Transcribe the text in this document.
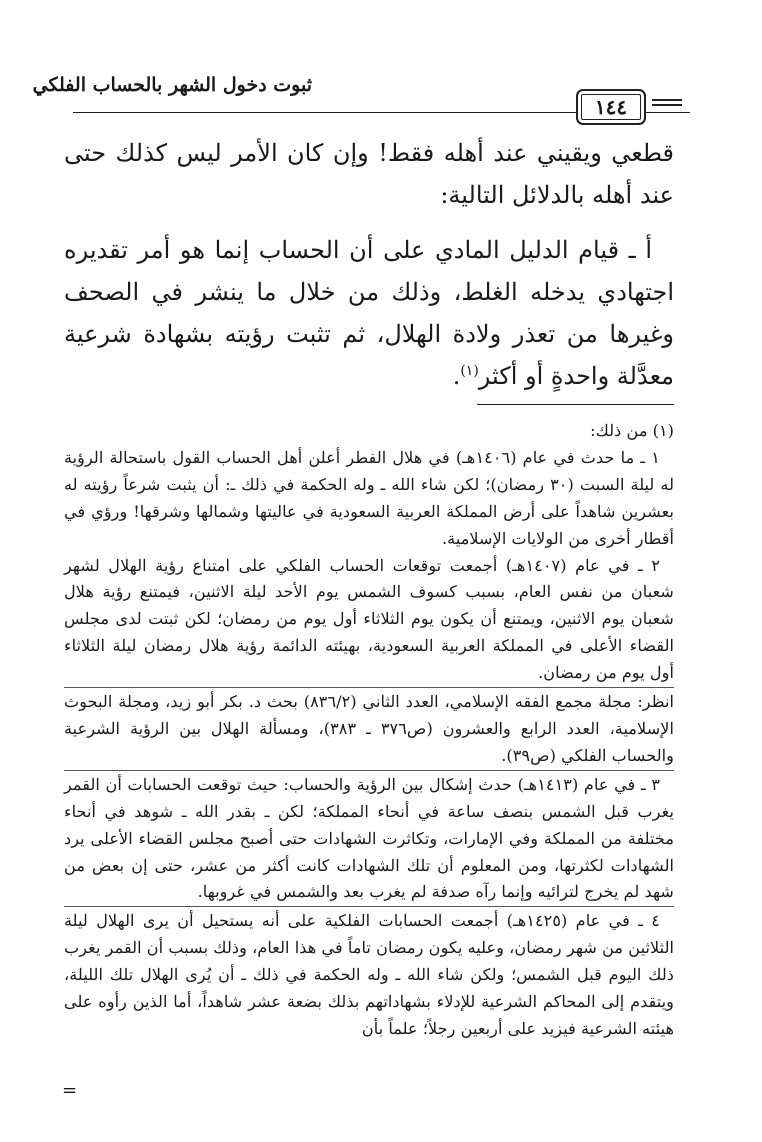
ثبوت دخول الشهر بالحساب الفلكي
١٤٤

قطعي ويقيني عند أهله فقط! وإن كان الأمر ليس كذلك حتى عند أهله بالدلائل التالية:

أ ـ قيام الدليل المادي على أن الحساب إنما هو أمر تقديره اجتهادي يدخله الغلط، وذلك من خلال ما ينشر في الصحف وغيرها من تعذر ولادة الهلال، ثم تثبت رؤيته بشهادة شرعية معدَّلة واحدةٍ أو أكثر$^{(١)}$.

(١) من ذلك:

١ ـ ما حدث في عام (١٤٠٦هـ) في هلال الفطر أعلن أهل الحساب القول باستحالة الرؤية له ليلة السبت (٣٠ رمضان)؛ لكن شاء الله ـ وله الحكمة في ذلك ـ: أن يثبت شرعاً رؤيته له بعشرين شاهداً على أرض المملكة العربية السعودية في عاليتها وشمالها وشرقها! ورؤي في أقطار أخرى من الولايات الإسلامية.

٢ ـ في عام (١٤٠٧هـ) أجمعت توقعات الحساب الفلكي على امتناع رؤية الهلال لشهر شعبان من نفس العام، بسبب كسوف الشمس يوم الأحد ليلة الاثنين، فيمتنع رؤية هلال شعبان يوم الاثنين، ويمتنع أن يكون يوم الثلاثاء أول يوم من رمضان؛ لكن ثبتت لدى مجلس القضاء الأعلى في المملكة العربية السعودية، بهيئته الدائمة رؤية هلال رمضان ليلة الثلاثاء أول يوم من رمضان.

انظر: مجلة مجمع الفقه الإسلامي، العدد الثاني (٨٣٦/٢) بحث د. بكر أبو زيد، ومجلة البحوث الإسلامية، العدد الرابع والعشرون (ص٣٧٦ ـ ٣٨٣)، ومسألة الهلال بين الرؤية الشرعية والحساب الفلكي (ص٣٩).

٣ ـ في عام (١٤١٣هـ) حدث إشكال بين الرؤية والحساب: حيث توقعت الحسابات أن القمر يغرب قبل الشمس بنصف ساعة في أنحاء المملكة؛ لكن ـ بقدر الله ـ شوهد في أنحاء مختلفة من المملكة وفي الإمارات، وتكاثرت الشهادات حتى أصبح مجلس القضاء الأعلى يرد الشهادات لكثرتها، ومن المعلوم أن تلك الشهادات كانت أكثر من عشر، حتى إن بعض من شهد لم يخرج لترائيه وإنما رآه صدفة لم يغرب بعد والشمس في غروبها.

٤ ـ في عام (١٤٢٥هـ) أجمعت الحسابات الفلكية على أنه يستحيل أن يرى الهلال ليلة الثلاثين من شهر رمضان، وعليه يكون رمضان تاماً في هذا العام، وذلك بسبب أن القمر يغرب ذلك اليوم قبل الشمس؛ ولكن شاء الله ـ وله الحكمة في ذلك ـ أن يُرى الهلال تلك الليلة، ويتقدم إلى المحاكم الشرعية للإدلاء بشهاداتهم بذلك بضعة عشر شاهداً، أما الذين رأوه على هيئته الشرعية فيزيد على أربعين رجلاً؛ علماً بأن

=
